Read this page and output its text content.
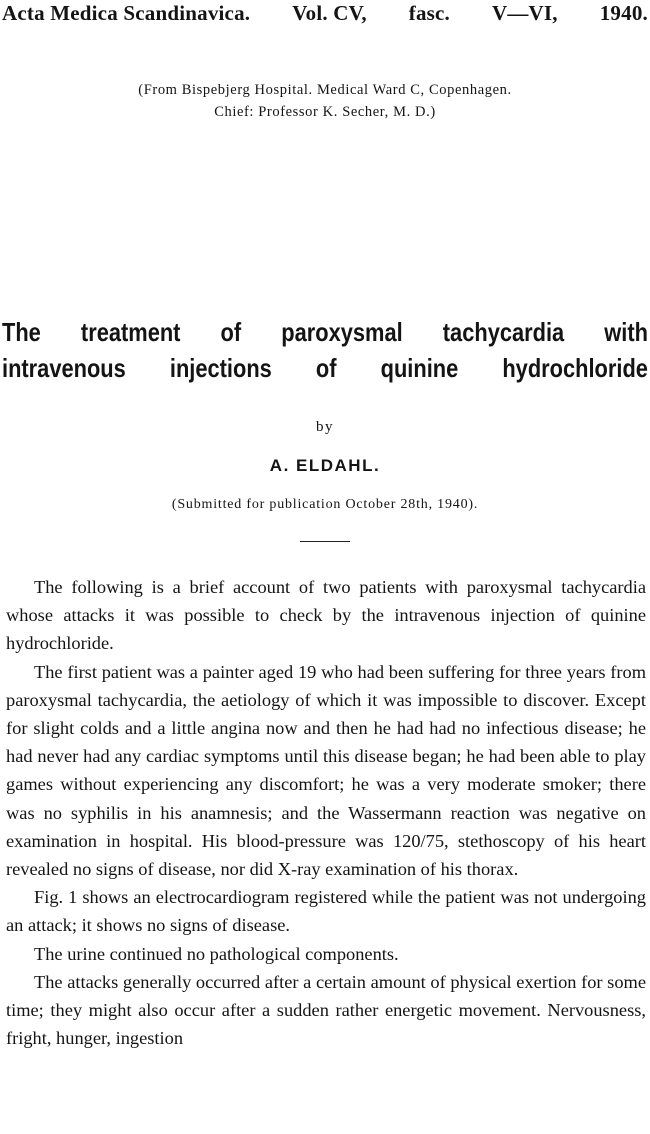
Acta Medica Scandinavica. Vol. CV, fasc. V—VI, 1940.
(From Bispebjerg Hospital. Medical Ward C, Copenhagen.
Chief: Professor K. Secher, M. D.)
The treatment of paroxysmal tachycardia with
intravenous injections of quinine hydrochloride
by
A. ELDAHL.
(Submitted for publication October 28th, 1940).

The following is a brief account of two patients with paroxysmal tachycardia whose attacks it was possible to check by the intravenous injection of quinine hydrochloride.

The first patient was a painter aged 19 who had been suffering for three years from paroxysmal tachycardia, the aetiology of which it was impossible to discover. Except for slight colds and a little angina now and then he had had no infectious disease; he had never had any cardiac symptoms until this disease began; he had been able to play games without experiencing any discomfort; he was a very moderate smoker; there was no syphilis in his anamnesis; and the Wassermann reaction was negative on examination in hospital. His blood-pressure was 120/75, stethoscopy of his heart revealed no signs of disease, nor did X-ray examination of his thorax.

Fig. 1 shows an electrocardiogram registered while the patient was not undergoing an attack; it shows no signs of disease.

The urine continued no pathological components.

The attacks generally occurred after a certain amount of physical exertion for some time; they might also occur after a sudden rather energetic movement. Nervousness, fright, hunger, ingestion
